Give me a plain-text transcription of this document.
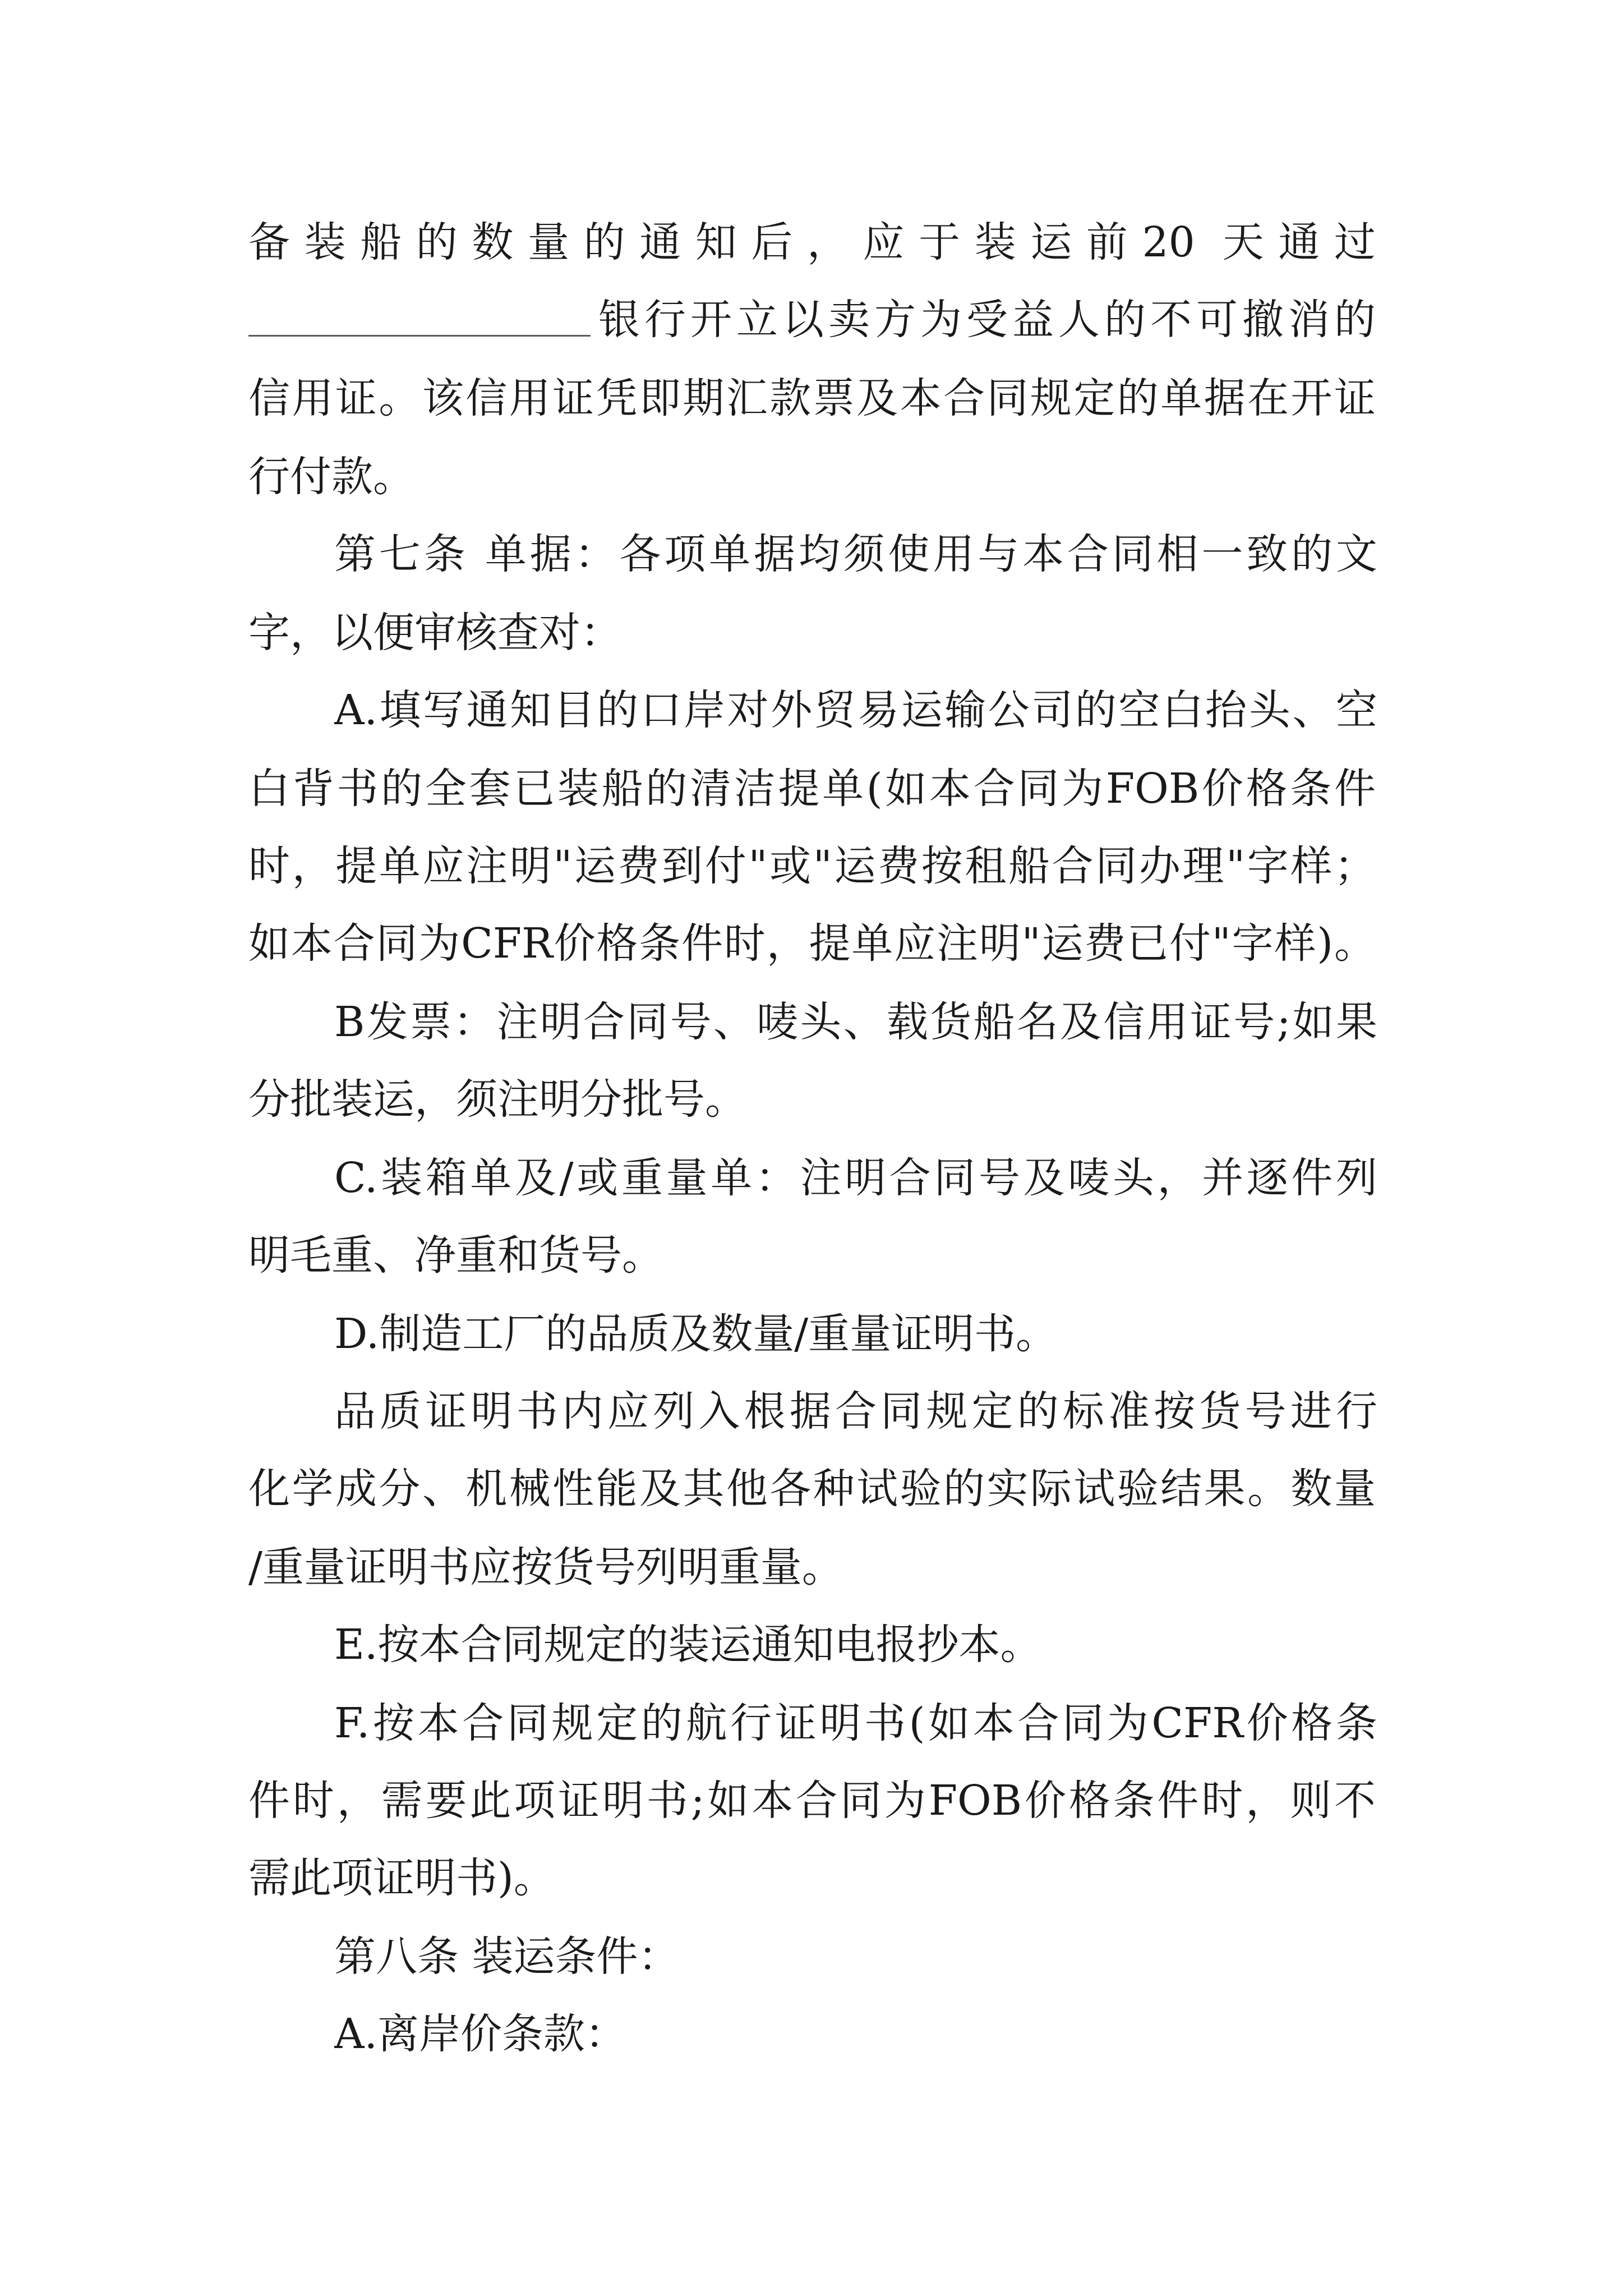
备装船的数量的通知后，应于装运前20 天通过
银行开立以卖方为受益人的不可撤消的
信用证。该信用证凭即期汇款票及本合同规定的单据在开证
行付款。
第七条 单据：各项单据均须使用与本合同相一致的文
字，以便审核查对：
A.填写通知目的口岸对外贸易运输公司的空白抬头、空
白背书的全套已装船的清洁提单(如本合同为FOB价格条件
时，提单应注明"运费到付"或"运费按租船合同办理"字样；
如本合同为CFR价格条件时，提单应注明"运费已付"字样)。
B发票：注明合同号、唛头、载货船名及信用证号;如果
分批装运，须注明分批号。
C.装箱单及/或重量单：注明合同号及唛头，并逐件列
明毛重、净重和货号。
D.制造工厂的品质及数量/重量证明书。
品质证明书内应列入根据合同规定的标准按货号进行
化学成分、机械性能及其他各种试验的实际试验结果。数量
/重量证明书应按货号列明重量。
E.按本合同规定的装运通知电报抄本。
F.按本合同规定的航行证明书(如本合同为CFR价格条
件时，需要此项证明书;如本合同为FOB价格条件时，则不
需此项证明书)。
第八条 装运条件：
A.离岸价条款：
